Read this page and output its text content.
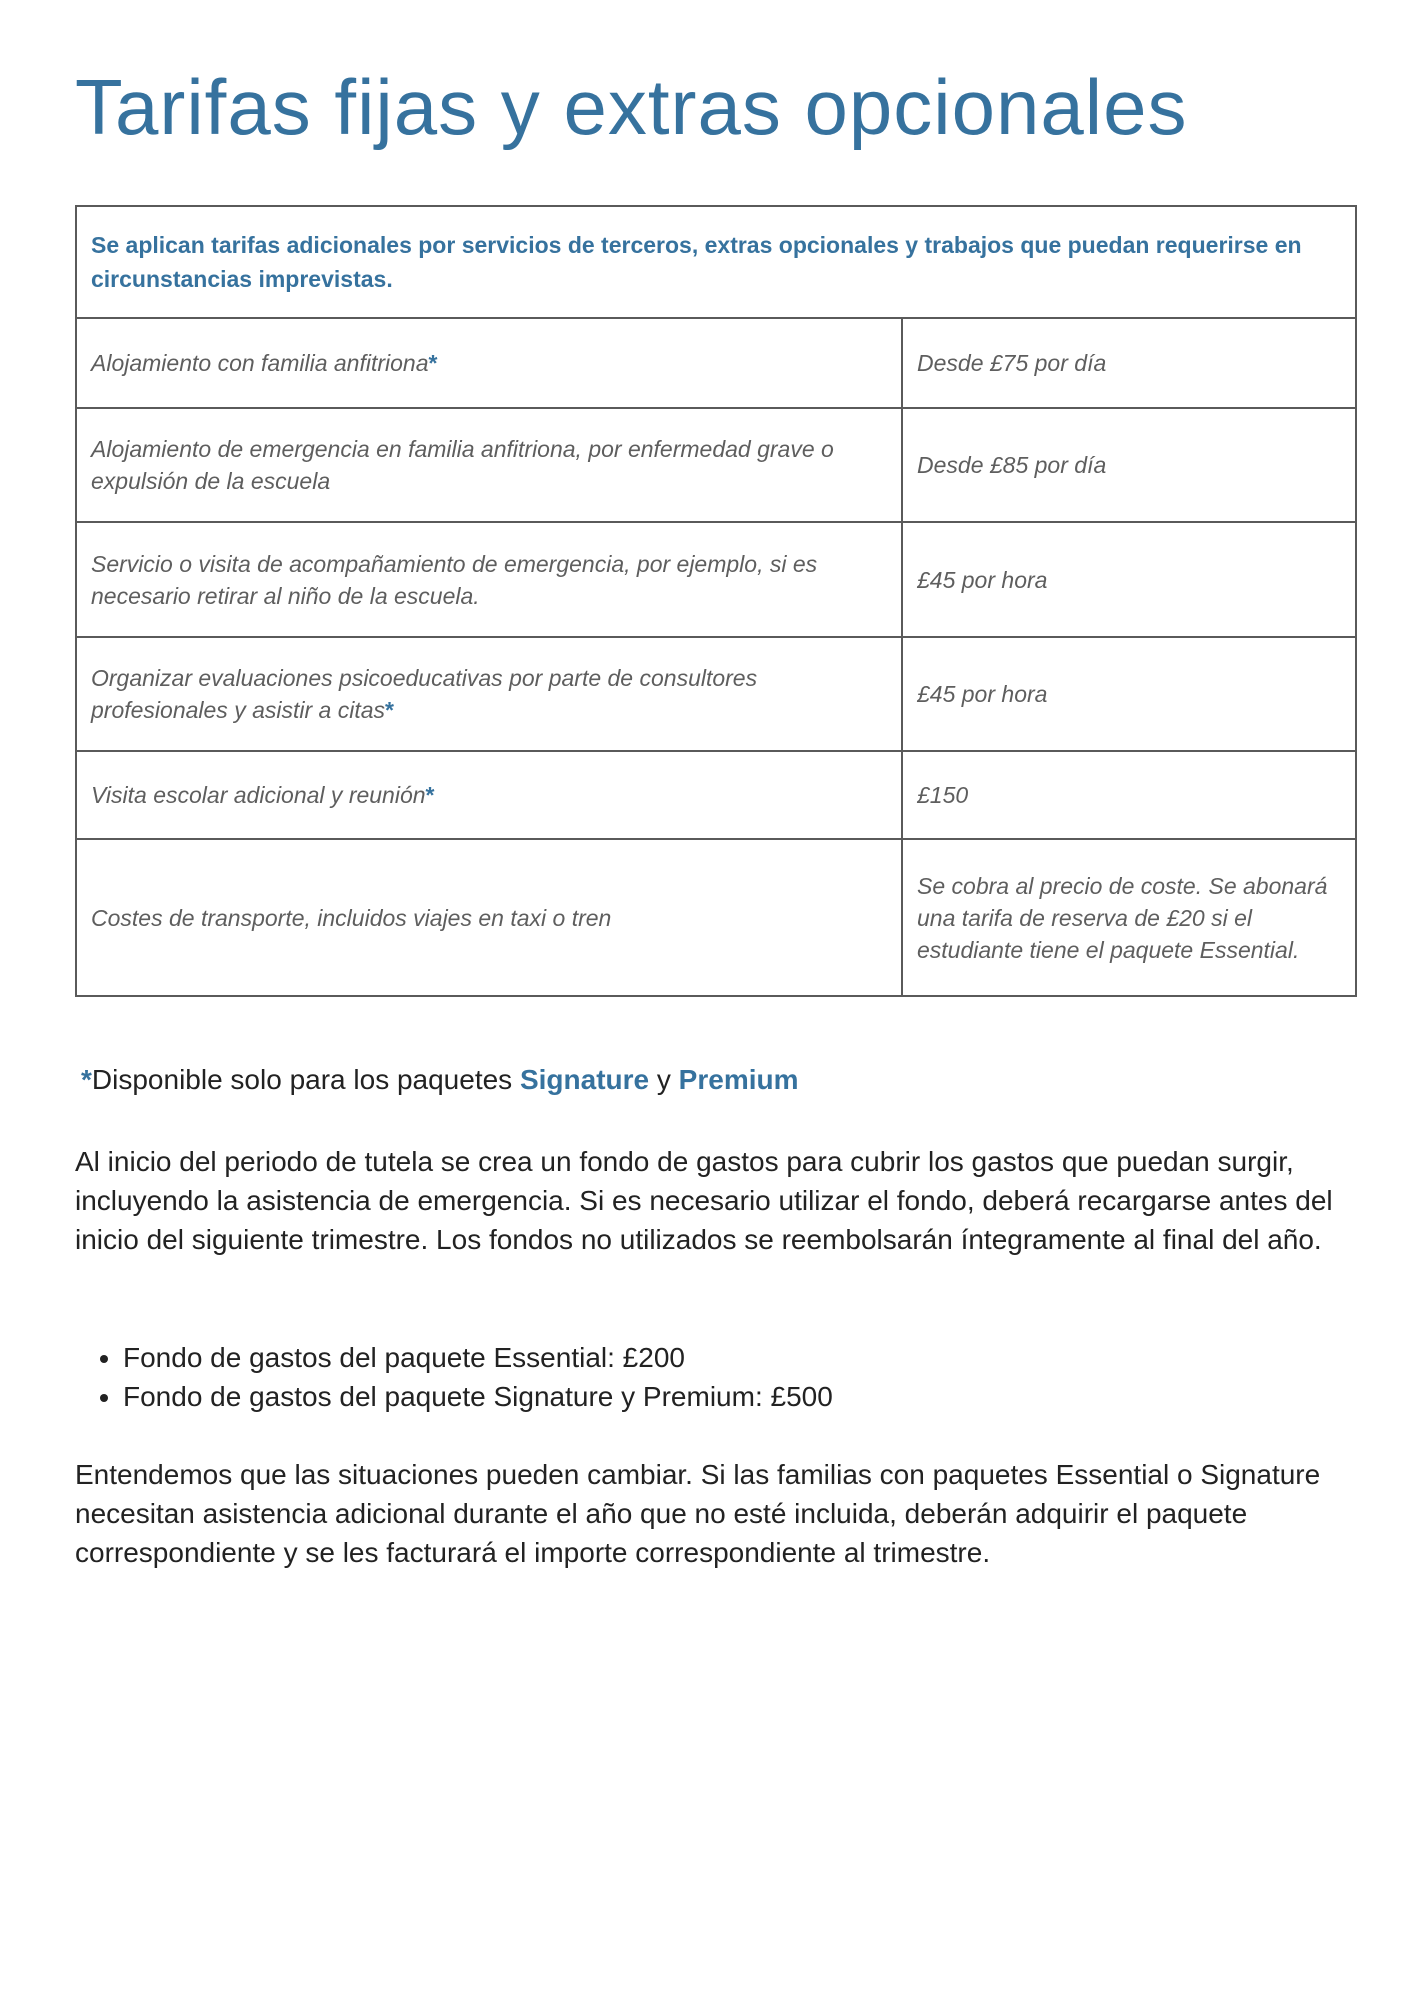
Tarifas fijas y extras opcionales
Se aplican tarifas adicionales por servicios de terceros, extras opcionales y trabajos que puedan requerirse en circunstancias imprevistas.	
Alojamiento con familia anfitriona*	Desde £75 por día
Alojamiento de emergencia en familia anfitriona, por enfermedad grave o expulsión de la escuela	Desde £85 por día
Servicio o visita de acompañamiento de emergencia, por ejemplo, si es necesario retirar al niño de la escuela.	£45 por hora
Organizar evaluaciones psicoeducativas por parte de consultores profesionales y asistir a citas*	£45 por hora
Visita escolar adicional y reunión*	£150
Costes de transporte, incluidos viajes en taxi o tren	Se cobra al precio de coste. Se abonará una tarifa de reserva de £20 si el estudiante tiene el paquete Essential.

*Disponible solo para los paquetes Signature y Premium

Al inicio del periodo de tutela se crea un fondo de gastos para cubrir los gastos que puedan surgir, incluyendo la asistencia de emergencia. Si es necesario utilizar el fondo, deberá recargarse antes del inicio del siguiente trimestre. Los fondos no utilizados se reembolsarán íntegramente al final del año.

• Fondo de gastos del paquete Essential: £200
• Fondo de gastos del paquete Signature y Premium: £500

Entendemos que las situaciones pueden cambiar. Si las familias con paquetes Essential o Signature necesitan asistencia adicional durante el año que no esté incluida, deberán adquirir el paquete correspondiente y se les facturará el importe correspondiente al trimestre.
